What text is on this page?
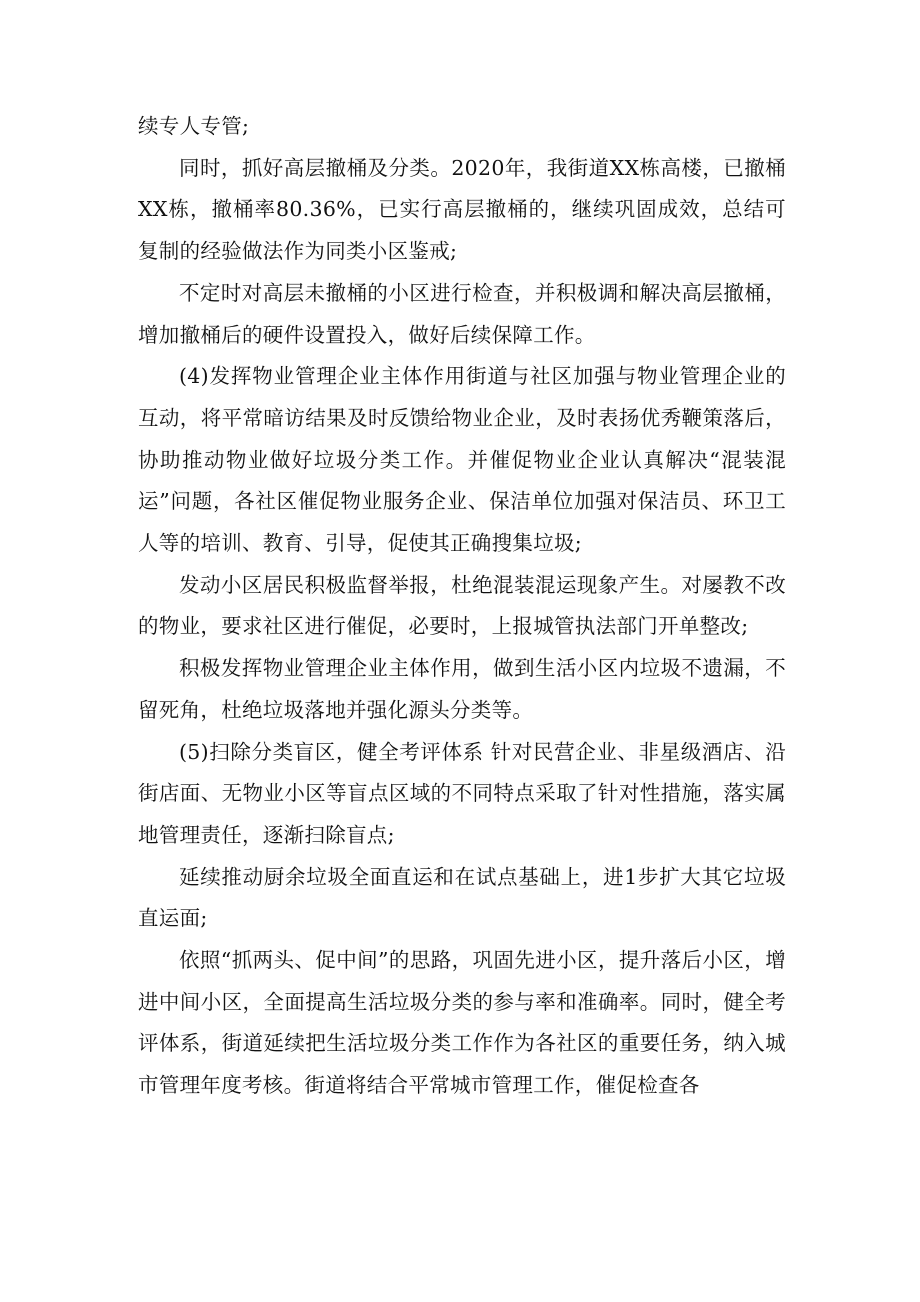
续专人专管;

同时，抓好高层撤桶及分类。2020年，我街道XX栋高楼，已撤桶XX栋，撤桶率80.36%，已实行高层撤桶的，继续巩固成效，总结可复制的经验做法作为同类小区鉴戒;

不定时对高层未撤桶的小区进行检查，并积极调和解决高层撤桶，增加撤桶后的硬件设置投入，做好后续保障工作。

(4)发挥物业管理企业主体作用街道与社区加强与物业管理企业的互动，将平常暗访结果及时反馈给物业企业，及时表扬优秀鞭策落后，协助推动物业做好垃圾分类工作。并催促物业企业认真解决“混装混运”问题，各社区催促物业服务企业、保洁单位加强对保洁员、环卫工人等的培训、教育、引导，促使其正确搜集垃圾;

发动小区居民积极监督举报，杜绝混装混运现象产生。对屡教不改的物业，要求社区进行催促，必要时，上报城管执法部门开单整改;

积极发挥物业管理企业主体作用，做到生活小区内垃圾不遗漏，不留死角，杜绝垃圾落地并强化源头分类等。

(5)扫除分类盲区，健全考评体系 针对民营企业、非星级酒店、沿街店面、无物业小区等盲点区域的不同特点采取了针对性措施，落实属地管理责任，逐渐扫除盲点;

延续推动厨余垃圾全面直运和在试点基础上，进1步扩大其它垃圾直运面;

依照“抓两头、促中间”的思路，巩固先进小区，提升落后小区，增进中间小区，全面提高生活垃圾分类的参与率和准确率。同时，健全考评体系，街道延续把生活垃圾分类工作作为各社区的重要任务，纳入城市管理年度考核。街道将结合平常城市管理工作，催促检查各
